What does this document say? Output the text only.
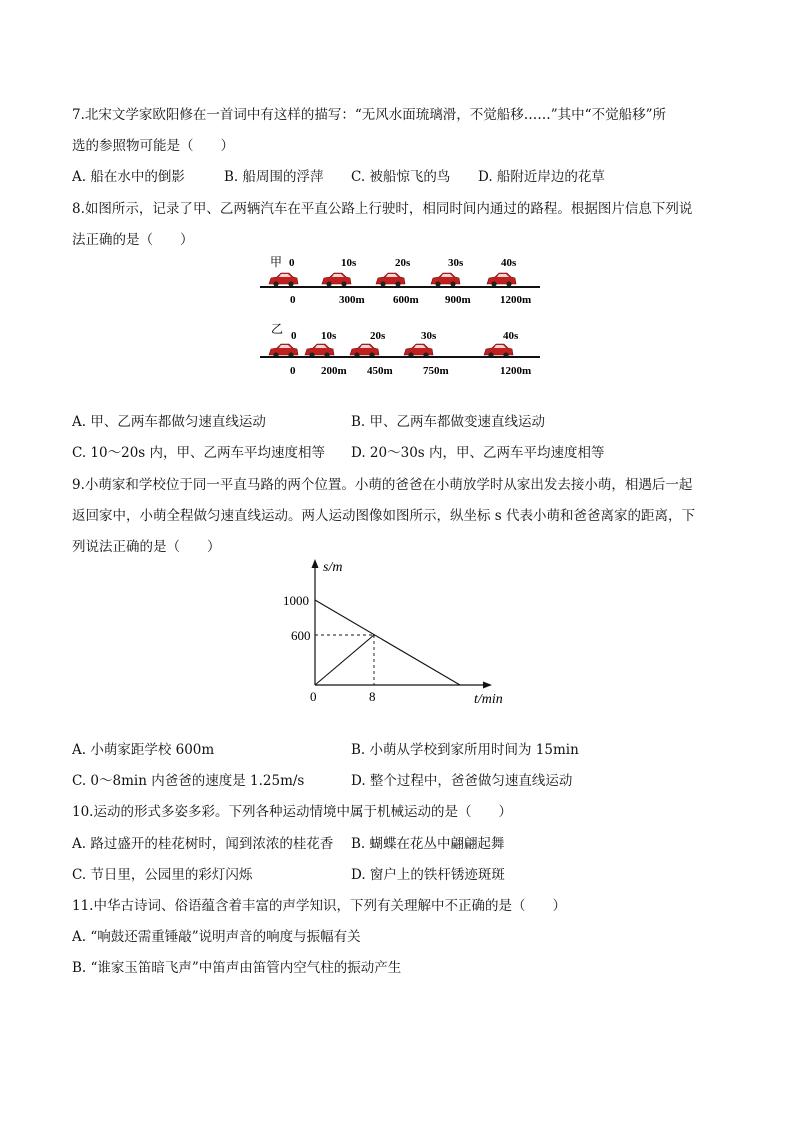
7.北宋文学家欧阳修在一首词中有这样的描写：“无风水面琉璃滑，不觉船移……”其中“不觉船移”所
选的参照物可能是（　　）
A. 船在水中的倒影	B. 船周围的浮萍 C. 被船惊飞的鸟 D. 船附近岸边的花草
8.如图所示，记录了甲、乙两辆汽车在平直公路上行驶时，相同时间内通过的路程。根据图片信息下列说
法正确的是（　　）
甲 0	10s	20s	30s	40s
0	300m	600m 900m	1200m
乙 0 10s	20s	30s	40s
0 200m 450m	750m	1200m
A. 甲、乙两车都做匀速直线运动	B. 甲、乙两车都做变速直线运动
C. 10～20s 内，甲、乙两车平均速度相等 D. 20～30s 内，甲、乙两车平均速度相等
9.小萌家和学校位于同一平直马路的两个位置。小萌的爸爸在小萌放学时从家出发去接小萌，相遇后一起
返回家中，小萌全程做匀速直线运动。两人运动图像如图所示，纵坐标 s 代表小萌和爸爸离家的距离，下
列说法正确的是（　　）
s/m
t/min
0
1000
600
8
A. 小萌家距学校 600m	B. 小萌从学校到家所用时间为 15min
C. 0～8min 内爸爸的速度是 1.25m/s	D. 整个过程中，爸爸做匀速直线运动
10.运动的形式多姿多彩。下列各种运动情境中属于机械运动的是（　　）
A. 路过盛开的桂花树时，闻到浓浓的桂花香 B. 蝴蝶在花丛中翩翩起舞
C. 节日里，公园里的彩灯闪烁	D. 窗户上的铁杆锈迹斑斑
11.中华古诗词、俗语蕴含着丰富的声学知识，下列有关理解中不正确的是（　　）
A. “响鼓还需重锤敲”说明声音的响度与振幅有关
B. “谁家玉笛暗飞声”中笛声由笛管内空气柱的振动产生
